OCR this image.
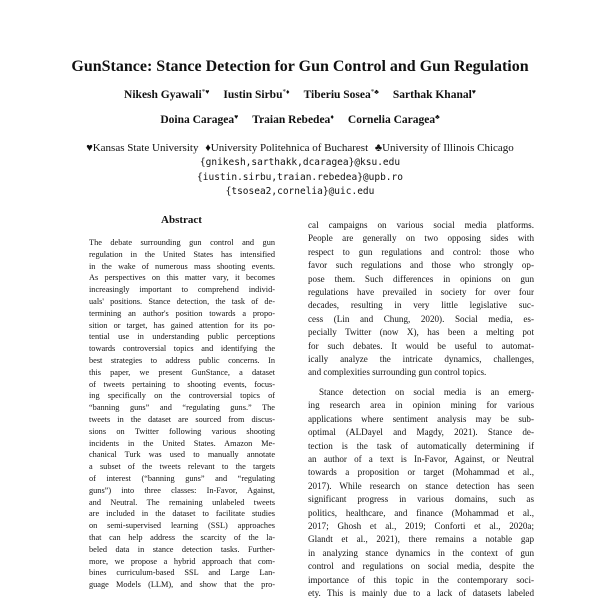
GunStance: Stance Detection for Gun Control and Gun Regulation
Nikesh Gyawali*♥ Iustin Sirbu*♦ Tiberiu Sosea*♣ Sarthak Khanal♥
Doina Caragea♥ Traian Rebedea♦ Cornelia Caragea♣
♥Kansas State University ♦University Politehnica of Bucharest ♣University of Illinois Chicago
{gnikesh,sarthakk,dcaragea}@ksu.edu
{iustin.sirbu,traian.rebedea}@upb.ro
{tsosea2,cornelia}@uic.edu
Abstract
The debate surrounding gun control and gun
regulation in the United States has intensified
in the wake of numerous mass shooting events.
As perspectives on this matter vary, it becomes
increasingly important to comprehend individ-
uals' positions. Stance detection, the task of de-
termining an author's position towards a propo-
sition or target, has gained attention for its po-
tential use in understanding public perceptions
towards controversial topics and identifying the
best strategies to address public concerns. In
this paper, we present GunStance, a dataset
of tweets pertaining to shooting events, focus-
ing specifically on the controversial topics of
“banning guns” and “regulating guns.” The
tweets in the dataset are sourced from discus-
sions on Twitter following various shooting
incidents in the United States. Amazon Me-
chanical Turk was used to manually annotate
a subset of the tweets relevant to the targets
of interest (“banning guns” and “regulating
guns”) into three classes: In-Favor, Against,
and Neutral. The remaining unlabeled tweets
are included in the dataset to facilitate studies
on semi-supervised learning (SSL) approaches
that can help address the scarcity of the la-
beled data in stance detection tasks. Further-
more, we propose a hybrid approach that com-
bines curriculum-based SSL and Large Lan-
guage Models (LLM), and show that the pro-
cal campaigns on various social media platforms.
People are generally on two opposing sides with
respect to gun regulations and control: those who
favor such regulations and those who strongly op-
pose them. Such differences in opinions on gun
regulations have prevailed in society for over four
decades, resulting in very little legislative suc-
cess (Lin and Chung, 2020). Social media, es-
pecially Twitter (now X), has been a melting pot
for such debates. It would be useful to automat-
ically analyze the intricate dynamics, challenges,
and complexities surrounding gun control topics.
Stance detection on social media is an emerg-
ing research area in opinion mining for various
applications where sentiment analysis may be sub-
optimal (ALDayel and Magdy, 2021). Stance de-
tection is the task of automatically determining if
an author of a text is In-Favor, Against, or Neutral
towards a proposition or target (Mohammad et al.,
2017). While research on stance detection has seen
significant progress in various domains, such as
politics, healthcare, and finance (Mohammad et al.,
2017; Ghosh et al., 2019; Conforti et al., 2020a;
Glandt et al., 2021), there remains a notable gap
in analyzing stance dynamics in the context of gun
control and regulations on social media, despite the
importance of this topic in the contemporary soci-
ety. This is mainly due to a lack of datasets labeled
